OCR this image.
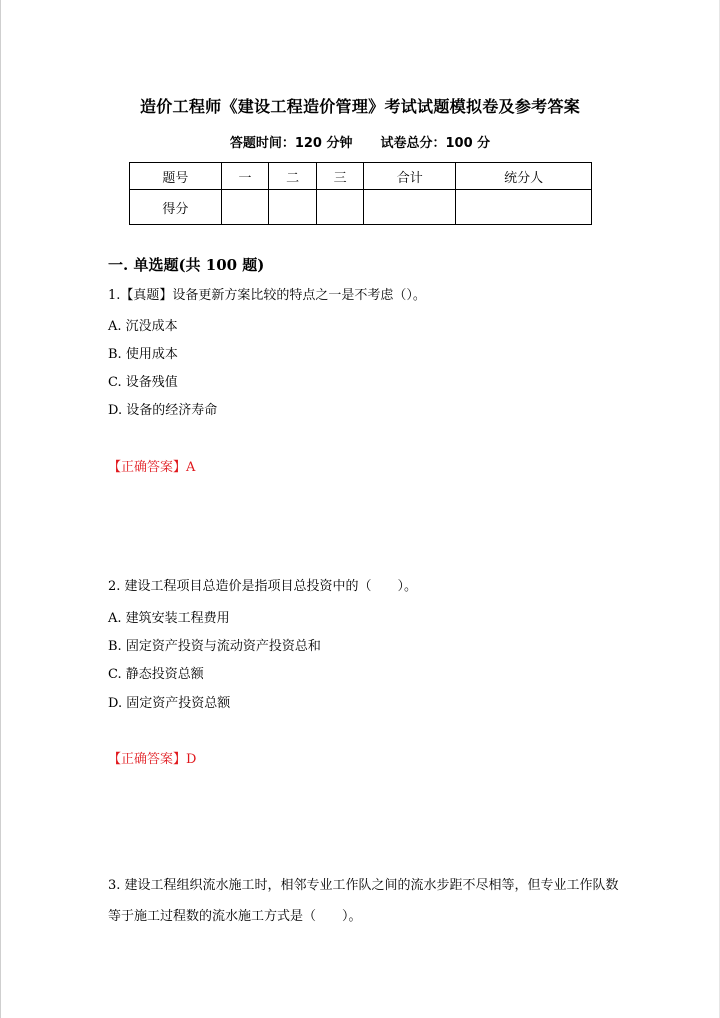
造价工程师《建设工程造价管理》考试试题模拟卷及参考答案
答题时间：120 分钟 试卷总分：100 分
题号	一	二	三	合计	统分人
得分					
一. 单选题(共 100 题)
1.【真题】设备更新方案比较的特点之一是不考虑（）。
A. 沉没成本
B. 使用成本
C. 设备残值
D. 设备的经济寿命
【正确答案】A
2. 建设工程项目总造价是指项目总投资中的（　　）。
A. 建筑安装工程费用
B. 固定资产投资与流动资产投资总和
C. 静态投资总额
D. 固定资产投资总额
【正确答案】D
3. 建设工程组织流水施工时，相邻专业工作队之间的流水步距不尽相等，但专业工作队数等于施工过程数的流水施工方式是（　　）。
